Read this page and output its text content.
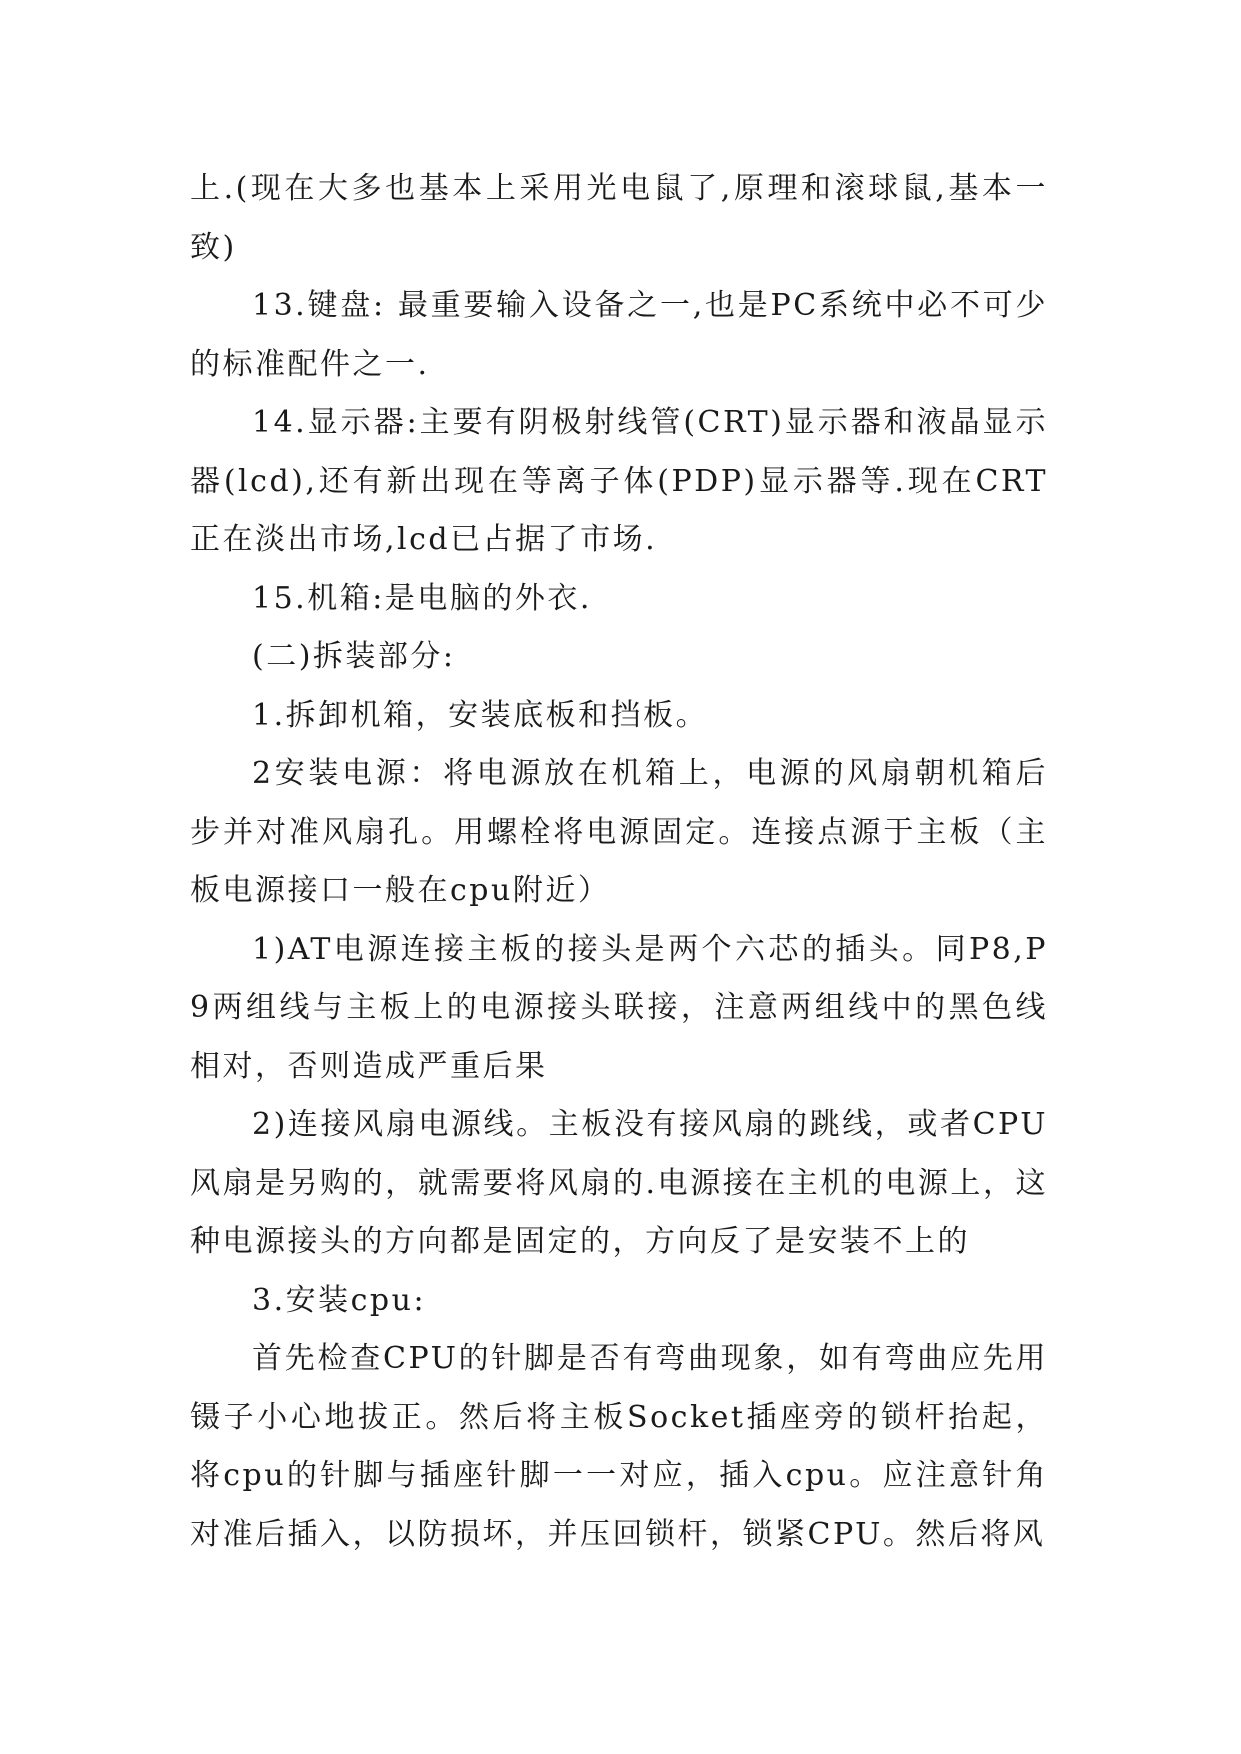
上.(现在大多也基本上采用光电鼠了,原理和滚球鼠,基本一致)

13.键盘: 最重要输入设备之一,也是PC系统中必不可少的标准配件之一.

14.显示器:主要有阴极射线管(CRT)显示器和液晶显示器(lcd),还有新出现在等离子体(PDP)显示器等.现在CRT正在淡出市场,lcd已占据了市场.

15.机箱:是电脑的外衣.

(二)拆装部分:

1.拆卸机箱，安装底板和挡板。

2安装电源：将电源放在机箱上，电源的风扇朝机箱后步并对准风扇孔。用螺栓将电源固定。连接点源于主板（主板电源接口一般在cpu附近）

1)AT电源连接主板的接头是两个六芯的插头。同P8,P9两组线与主板上的电源接头联接，注意两组线中的黑色线相对，否则造成严重后果

2)连接风扇电源线。主板没有接风扇的跳线，或者CPU风扇是另购的，就需要将风扇的.电源接在主机的电源上，这种电源接头的方向都是固定的，方向反了是安装不上的

3.安装cpu:

首先检查CPU的针脚是否有弯曲现象，如有弯曲应先用镊子小心地拔正。然后将主板Socket插座旁的锁杆抬起，将cpu的针脚与插座针脚一一对应，插入cpu。应注意针角对准后插入，以防损坏，并压回锁杆，锁紧CPU。然后将风
